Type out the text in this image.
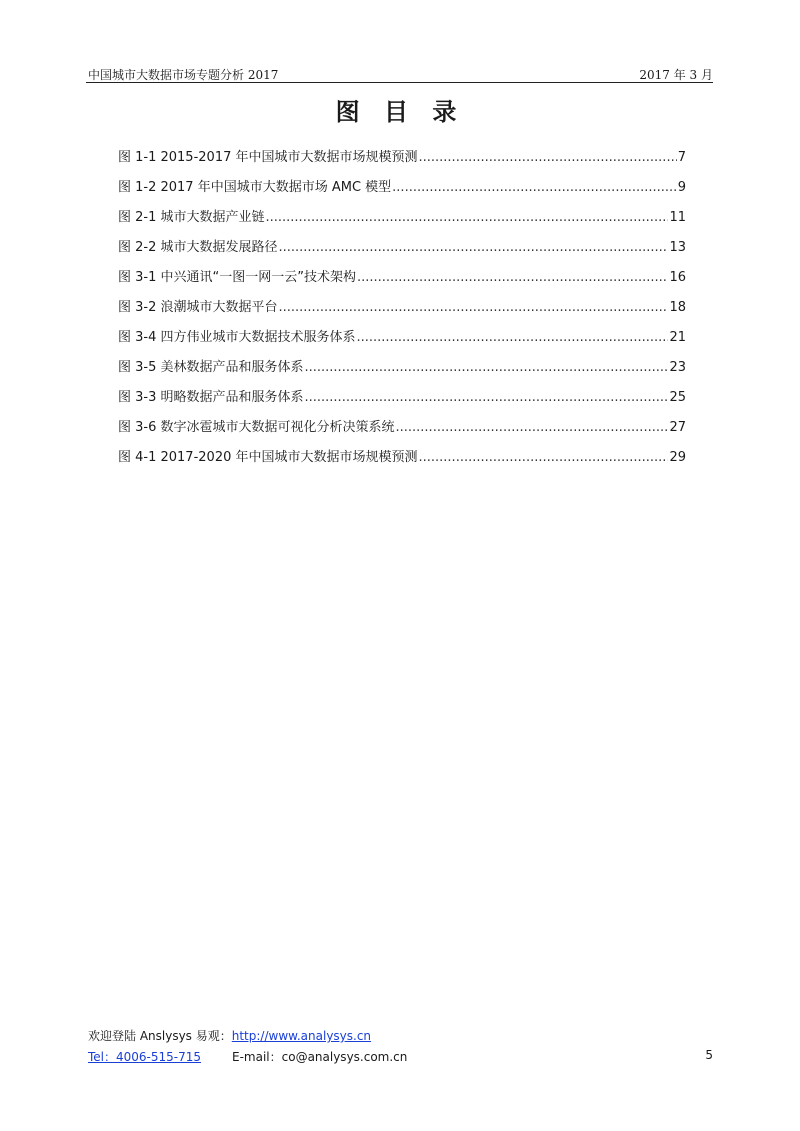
中国城市大数据市场专题分析 2017	2017 年 3 月
图 目 录
图 1-1 2015-2017 年中国城市大数据市场规模预测 .....	7
图 1-2 2017 年中国城市大数据市场 AMC 模型 .....	9
图 2-1 城市大数据产业链 .....	11
图 2-2 城市大数据发展路径 .....	13
图 3-1 中兴通讯“一图一网一云”技术架构 .....	16
图 3-2 浪潮城市大数据平台 .....	18
图 3-4 四方伟业城市大数据技术服务体系 .....	21
图 3-5 美林数据产品和服务体系 .....	23
图 3-3 明略数据产品和服务体系 .....	25
图 3-6 数字冰雹城市大数据可视化分析决策系统 .....	27
图 4-1 2017-2020 年中国城市大数据市场规模预测 .....	29
欢迎登陆 Anslysys 易观：http://www.analysys.cn
Tel：4006-515-715	E-mail：co@analysys.com.cn	5
